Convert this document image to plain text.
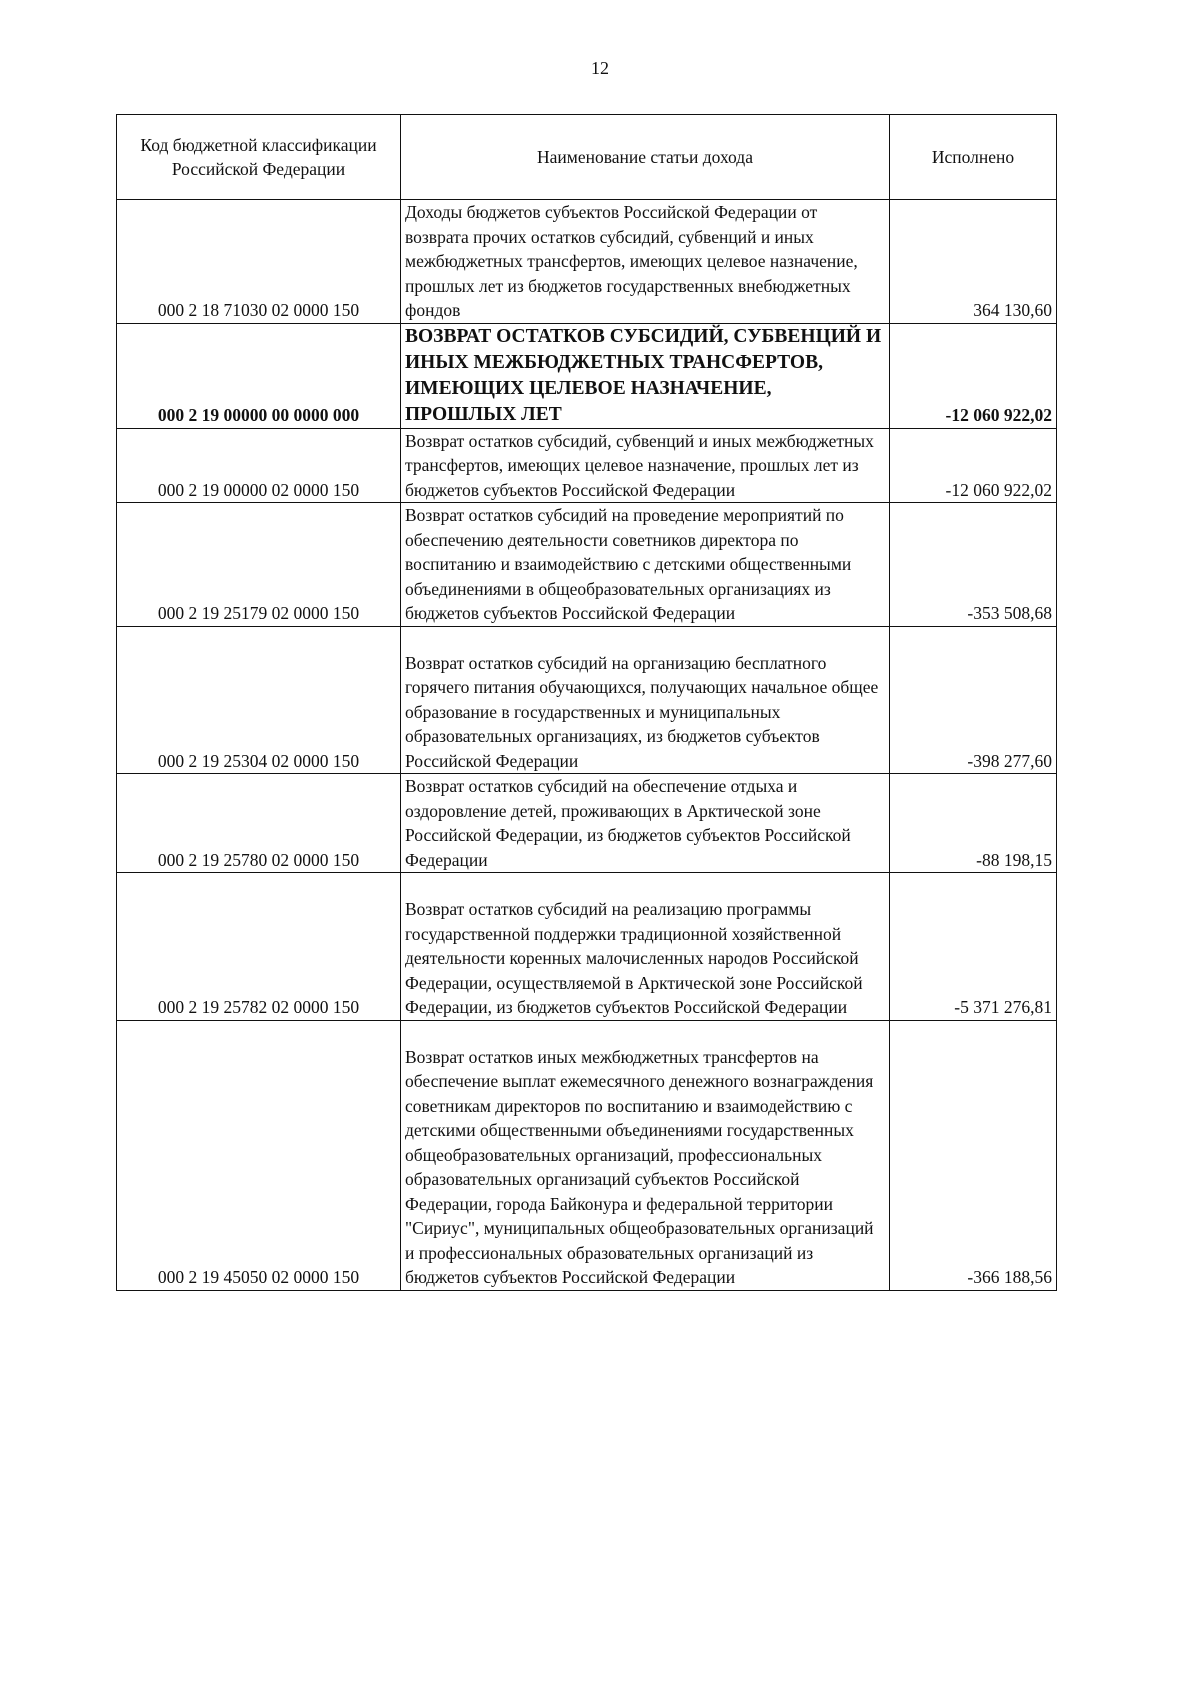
12
Код бюджетной классификации Российской Федерации	Наименование статьи дохода	Исполнено
000 2 18 71030 02 0000 150	Доходы бюджетов субъектов Российской Федерации от возврата прочих остатков субсидий, субвенций и иных межбюджетных трансфертов, имеющих целевое назначение, прошлых лет из бюджетов государственных внебюджетных фондов	364 130,60
000 2 19 00000 00 0000 000	ВОЗВРАТ ОСТАТКОВ СУБСИДИЙ, СУБВЕНЦИЙ И ИНЫХ МЕЖБЮДЖЕТНЫХ ТРАНСФЕРТОВ, ИМЕЮЩИХ ЦЕЛЕВОЕ НАЗНАЧЕНИЕ, ПРОШЛЫХ ЛЕТ	-12 060 922,02
000 2 19 00000 02 0000 150	Возврат остатков субсидий, субвенций и иных межбюджетных трансфертов, имеющих целевое назначение, прошлых лет из бюджетов субъектов Российской Федерации	-12 060 922,02
000 2 19 25179 02 0000 150	Возврат остатков субсидий на проведение мероприятий по обеспечению деятельности советников директора по воспитанию и взаимодействию с детскими общественными объединениями в общеобразовательных организациях из бюджетов субъектов Российской Федерации	-353 508,68
000 2 19 25304 02 0000 150	Возврат остатков субсидий на организацию бесплатного горячего питания обучающихся, получающих начальное общее образование в государственных и муниципальных образовательных организациях, из бюджетов субъектов Российской Федерации	-398 277,60
000 2 19 25780 02 0000 150	Возврат остатков субсидий на обеспечение отдыха и оздоровление детей, проживающих в Арктической зоне Российской Федерации, из бюджетов субъектов Российской Федерации	-88 198,15
000 2 19 25782 02 0000 150	Возврат остатков субсидий на реализацию программы государственной поддержки традиционной хозяйственной деятельности коренных малочисленных народов Российской Федерации, осуществляемой в Арктической зоне Российской Федерации, из бюджетов субъектов Российской Федерации	-5 371 276,81
000 2 19 45050 02 0000 150	Возврат остатков иных межбюджетных трансфертов на обеспечение выплат ежемесячного денежного вознаграждения советникам директоров по воспитанию и взаимодействию с детскими общественными объединениями государственных общеобразовательных организаций, профессиональных образовательных организаций субъектов Российской Федерации, города Байконура и федеральной территории "Сириус", муниципальных общеобразовательных организаций и профессиональных образовательных организаций из бюджетов субъектов Российской Федерации	-366 188,56
